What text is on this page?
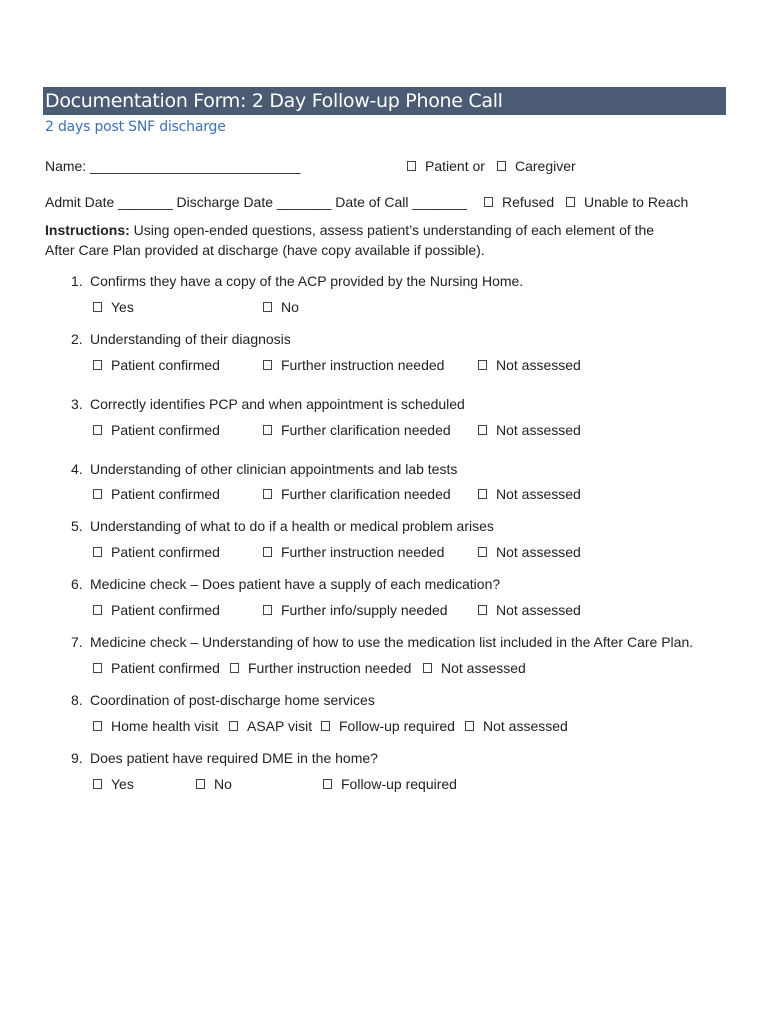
Documentation Form: 2 Day Follow-up Phone Call
2 days post SNF discharge
Name: ___________________________	Patient or Caregiver
Admit Date _______ Discharge Date _______ Date of Call _______	Refused Unable to Reach
Instructions: Using open-ended questions, assess patient’s understanding of each element of the
After Care Plan provided at discharge (have copy available if possible).
1. Confirms they have a copy of the ACP provided by the Nursing Home.
Yes	No
2. Understanding of their diagnosis
Patient confirmed	Further instruction needed	Not assessed
3. Correctly identifies PCP and when appointment is scheduled
Patient confirmed	Further clarification needed	Not assessed
4. Understanding of other clinician appointments and lab tests
Patient confirmed	Further clarification needed	Not assessed
5. Understanding of what to do if a health or medical problem arises
Patient confirmed	Further instruction needed	Not assessed
6. Medicine check – Does patient have a supply of each medication?
Patient confirmed	Further info/supply needed	Not assessed
7. Medicine check – Understanding of how to use the medication list included in the After Care Plan.
Patient confirmed Further instruction needed Not assessed
8. Coordination of post-discharge home services
Home health visit ASAP visit Follow-up required Not assessed
9. Does patient have required DME in the home?
Yes	No	Follow-up required
